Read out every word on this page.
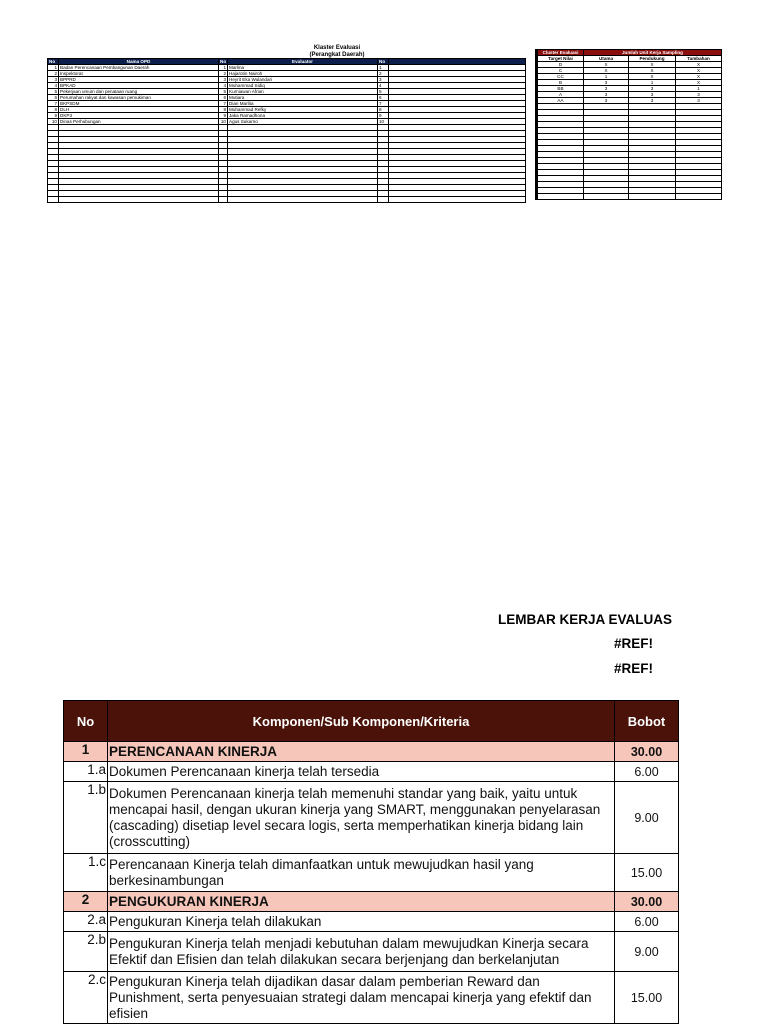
Klaster Evaluasi
(Perangkat Daerah)
No	Nama OPD	No	Evaluator	No	
1	Badan Perencanaan Pembangunan Daerah	1	Marlina	1	
2	Inspektorat	2	Hajarotin Nairoh	2	
3	BPPRD	3	Heyrit Eka Wulandari	3	
4	BPKAD	4	Muhammad Sidiq	4	
5	Pekerjaan umum dan penataan ruang	5	Kurniawan Afrian	5	
6	Perumahan rakyat dan kawasan pemukiman	6	Mutiara	6	
7	BKPSDM	7	Dian Marlita	7	
8	DLH	8	Muhammad Refky	8	
9	DKP3	9	Jaka Ramadhona	9	
10	Dinas Perhubungan	10	Agus Sukarno	10	

Cluster Evaluasi	Jumlah Unit Kerja Sampling		
Target Nilai	Utama	Pendukung	Tambahan
D	X	X	X
C	X	X	X
CC	1	X	X
B	3	1	X
BB	3	3	1
A	3	3	3
AA	3	3	3

LEMBAR KERJA EVALUAS
#REF!
#REF!
No	Komponen/Sub Komponen/Kriteria	Bobot
1	PERENCANAAN KINERJA	30.00
1.a	Dokumen Perencanaan kinerja telah tersedia	6.00
1.b	Dokumen Perencanaan kinerja telah memenuhi standar yang baik, yaitu untuk mencapai hasil, dengan ukuran kinerja yang SMART, menggunakan penyelarasan (cascading) disetiap level secara logis, serta memperhatikan kinerja bidang lain (crosscutting)	9.00
1.c	Perencanaan Kinerja telah dimanfaatkan untuk mewujudkan hasil yang berkesinambungan	15.00
2	PENGUKURAN KINERJA	30.00
2.a	Pengukuran Kinerja telah dilakukan	6.00
2.b	Pengukuran Kinerja telah menjadi kebutuhan dalam mewujudkan Kinerja secara Efektif dan Efisien dan telah dilakukan secara berjenjang dan berkelanjutan	9.00
2.c	Pengukuran Kinerja telah dijadikan dasar dalam pemberian Reward dan Punishment, serta penyesuaian strategi dalam mencapai kinerja yang efektif dan efisien	15.00
